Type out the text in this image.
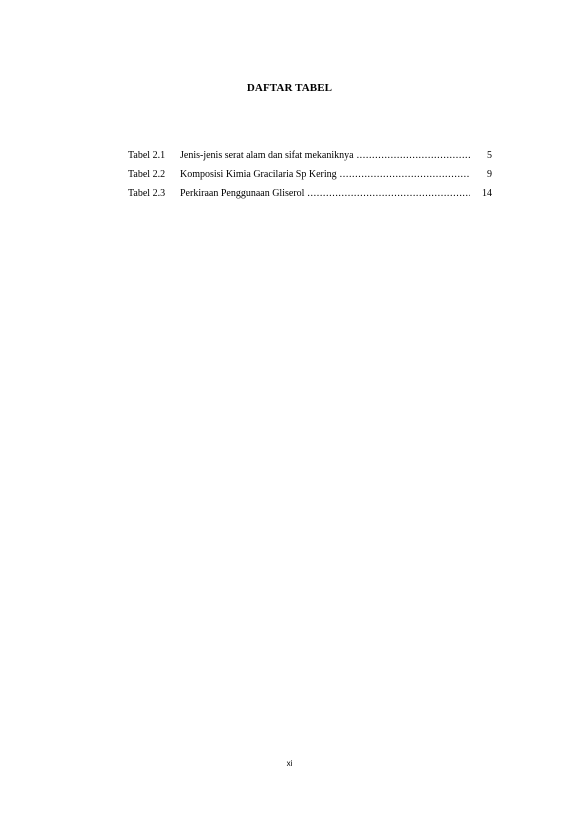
DAFTAR TABEL
Tabel 2.1	Jenis-jenis serat alam dan sifat mekaniknya .....	5
Tabel 2.2	Komposisi Kimia Gracilaria Sp Kering .....	9
Tabel 2.3	Perkiraan Penggunaan Gliserol .....	14
xi
